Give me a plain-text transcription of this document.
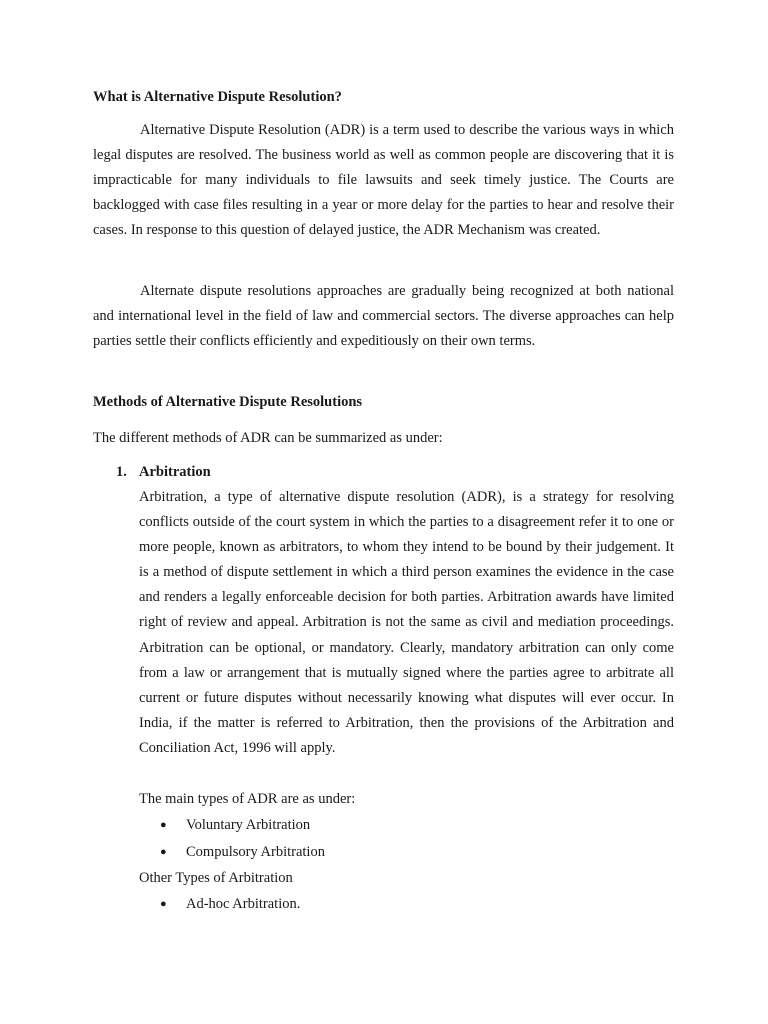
What is Alternative Dispute Resolution?

Alternative Dispute Resolution (ADR) is a term used to describe the various ways in which legal disputes are resolved. The business world as well as common people are discovering that it is impracticable for many individuals to file lawsuits and seek timely justice. The Courts are backlogged with case files resulting in a year or more delay for the parties to hear and resolve their cases. In response to this question of delayed justice, the ADR Mechanism was created.

Alternate dispute resolutions approaches are gradually being recognized at both national and international level in the field of law and commercial sectors. The diverse approaches can help parties settle their conflicts efficiently and expeditiously on their own terms.

Methods of Alternative Dispute Resolutions
The different methods of ADR can be summarized as under:
1. Arbitration

Arbitration, a type of alternative dispute resolution (ADR), is a strategy for resolving conflicts outside of the court system in which the parties to a disagreement refer it to one or more people, known as arbitrators, to whom they intend to be bound by their judgement. It is a method of dispute settlement in which a third person examines the evidence in the case and renders a legally enforceable decision for both parties. Arbitration awards have limited right of review and appeal. Arbitration is not the same as civil and mediation proceedings. Arbitration can be optional, or mandatory. Clearly, mandatory arbitration can only come from a law or arrangement that is mutually signed where the parties agree to arbitrate all current or future disputes without necessarily knowing what disputes will ever occur. In India, if the matter is referred to Arbitration, then the provisions of the Arbitration and Conciliation Act, 1996 will apply.

The main types of ADR are as under:
● Voluntary Arbitration
● Compulsory Arbitration
Other Types of Arbitration
● Ad-hoc Arbitration.
